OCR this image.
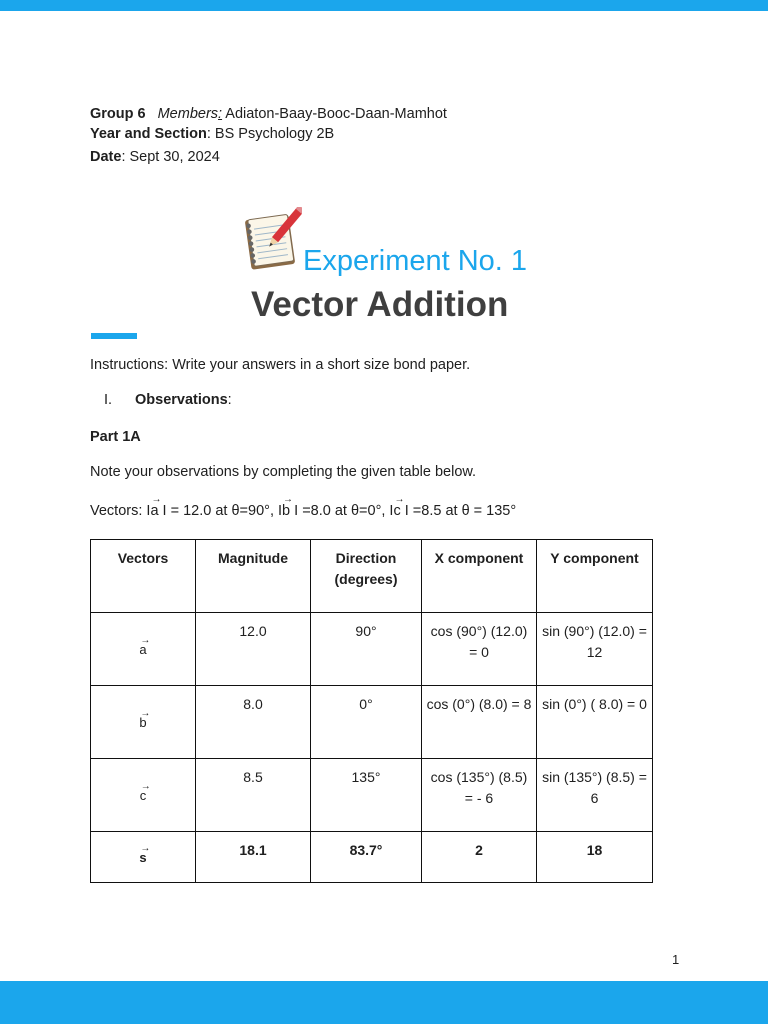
Group 6 Members: Adiaton-Baay-Booc-Daan-Mamhot
Year and Section: BS Psychology 2B
Date: Sept 30, 2024
Experiment No. 1
Vector Addition
Instructions: Write your answers in a short size bond paper.
I. Observations:
Part 1A
Note your observations by completing the given table below.
Vectors: Ia → I = 12.0 at θ=90°, Ib → I =8.0 at θ=0°, Ic → I =8.5 at θ = 135°
Vectors	Magnitude	Direction (degrees)	X component	Y component
a →	12.0	90°	cos (90°) (12.0) = 0	sin (90°) (12.0) = 12
b →	8.0	0°	cos (0°) (8.0) = 8	sin (0°) ( 8.0) = 0
c →	8.5	135°	cos (135°) (8.5) = - 6	sin (135°) (8.5) = 6
s →	18.1	83.7°	2	18
1
